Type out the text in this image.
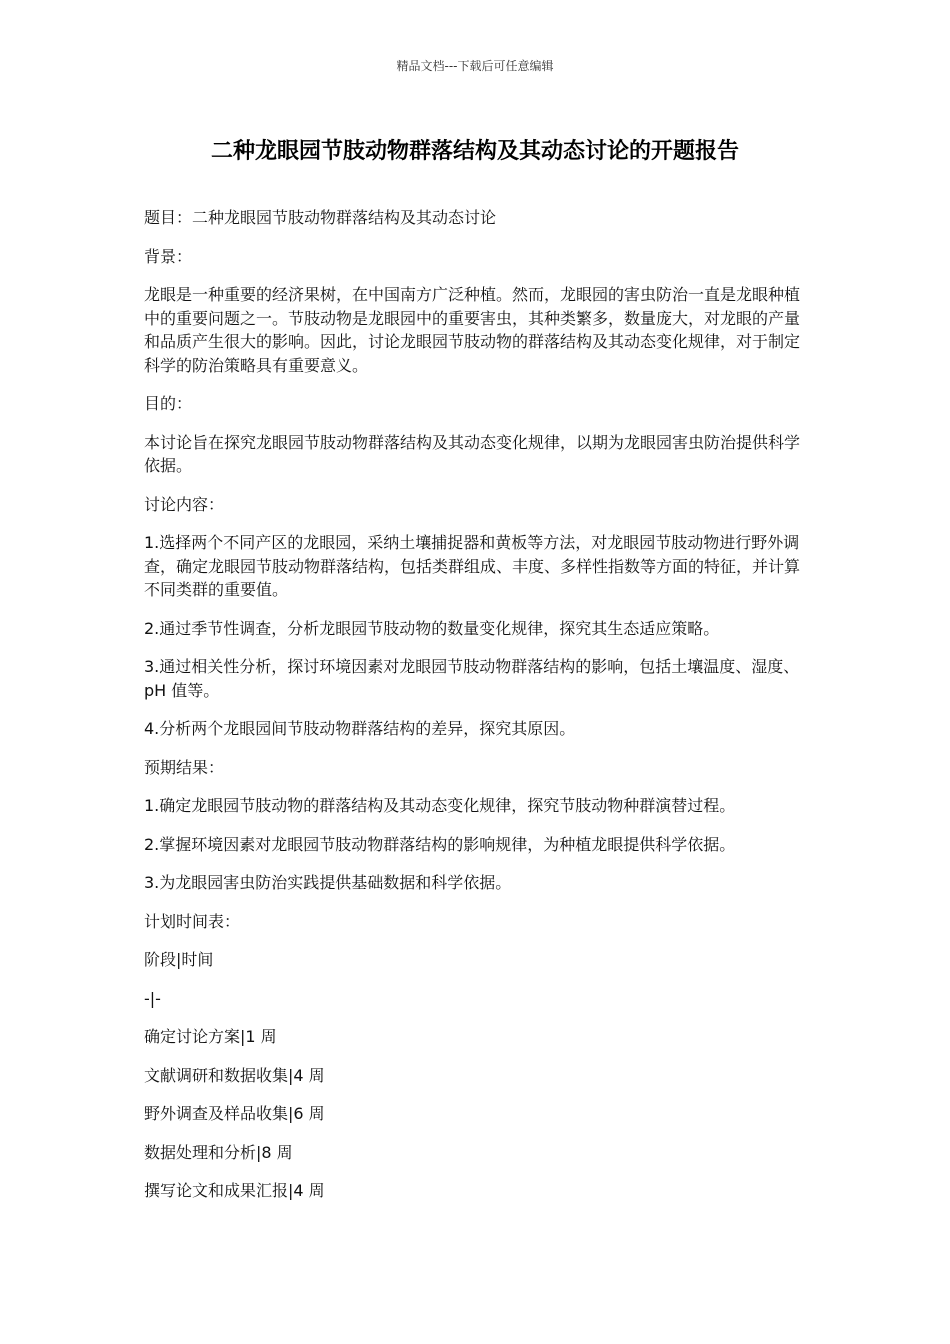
精品文档---下载后可任意编辑
二种龙眼园节肢动物群落结构及其动态讨论的开题报告

题目：二种龙眼园节肢动物群落结构及其动态讨论

背景：

龙眼是一种重要的经济果树，在中国南方广泛种植。然而，龙眼园的害虫防治一直是龙眼种植中的重要问题之一。节肢动物是龙眼园中的重要害虫，其种类繁多，数量庞大，对龙眼的产量和品质产生很大的影响。因此，讨论龙眼园节肢动物的群落结构及其动态变化规律，对于制定科学的防治策略具有重要意义。

目的：

本讨论旨在探究龙眼园节肢动物群落结构及其动态变化规律，以期为龙眼园害虫防治提供科学依据。

讨论内容：

1.选择两个不同产区的龙眼园，采纳土壤捕捉器和黄板等方法，对龙眼园节肢动物进行野外调查，确定龙眼园节肢动物群落结构，包括类群组成、丰度、多样性指数等方面的特征，并计算不同类群的重要值。

2.通过季节性调查，分析龙眼园节肢动物的数量变化规律，探究其生态适应策略。

3.通过相关性分析，探讨环境因素对龙眼园节肢动物群落结构的影响，包括土壤温度、湿度、pH 值等。

4.分析两个龙眼园间节肢动物群落结构的差异，探究其原因。

预期结果：

1.确定龙眼园节肢动物的群落结构及其动态变化规律，探究节肢动物种群演替过程。

2.掌握环境因素对龙眼园节肢动物群落结构的影响规律，为种植龙眼提供科学依据。

3.为龙眼园害虫防治实践提供基础数据和科学依据。

计划时间表：

阶段|时间

-|-

确定讨论方案|1 周

文献调研和数据收集|4 周

野外调查及样品收集|6 周

数据处理和分析|8 周

撰写论文和成果汇报|4 周
